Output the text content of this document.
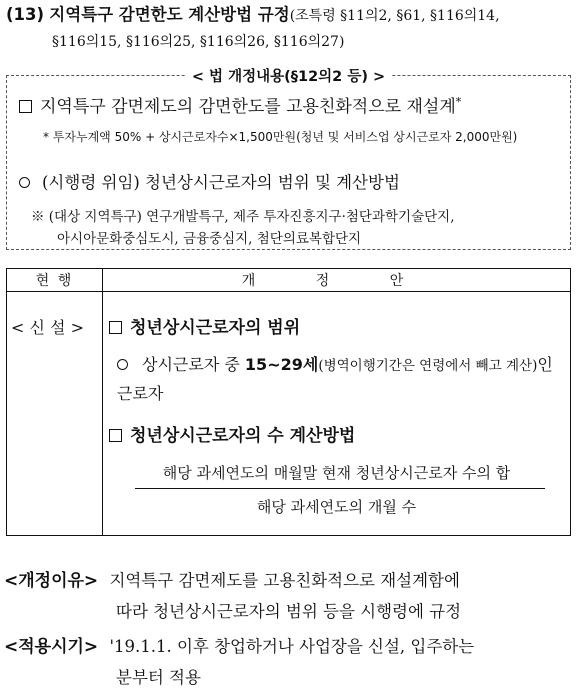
(13) 지역특구 감면한도 계산방법 규정(조특령 §11의2, §61, §116의14,
§116의15, §116의25, §116의26, §116의27)
< 법 개정내용(§12의2 등) >
지역특구 감면제도의 감면한도를 고용친화적으로 재설계*
* 투자누계액 50% + 상시근로자수×1,500만원(청년 및 서비스업 상시근로자 2,000만원)
(시행령 위임) 청년상시근로자의 범위 및 계산방법
※ (대상 지역특구) 연구개발특구, 제주 투자진흥지구·첨단과학기술단지,
아시아문화중심도시, 금융중심지, 첨단의료복합단지
현 행	개 정 안
< 신 설 >	청년상시근로자의 범위
상시근로자 중 15~29세(병역이행기간은 연령에서 빼고 계산)인 근로자
청년상시근로자의 수 계산방법
해당 과세연도의 매월말 현재 청년상시근로자 수의 합
해당 과세연도의 개월 수
<개정이유> 지역특구 감면제도를 고용친화적으로 재설계함에
따라 청년상시근로자의 범위 등을 시행령에 규정
<적용시기> '19.1.1. 이후 창업하거나 사업장을 신설, 입주하는
분부터 적용
